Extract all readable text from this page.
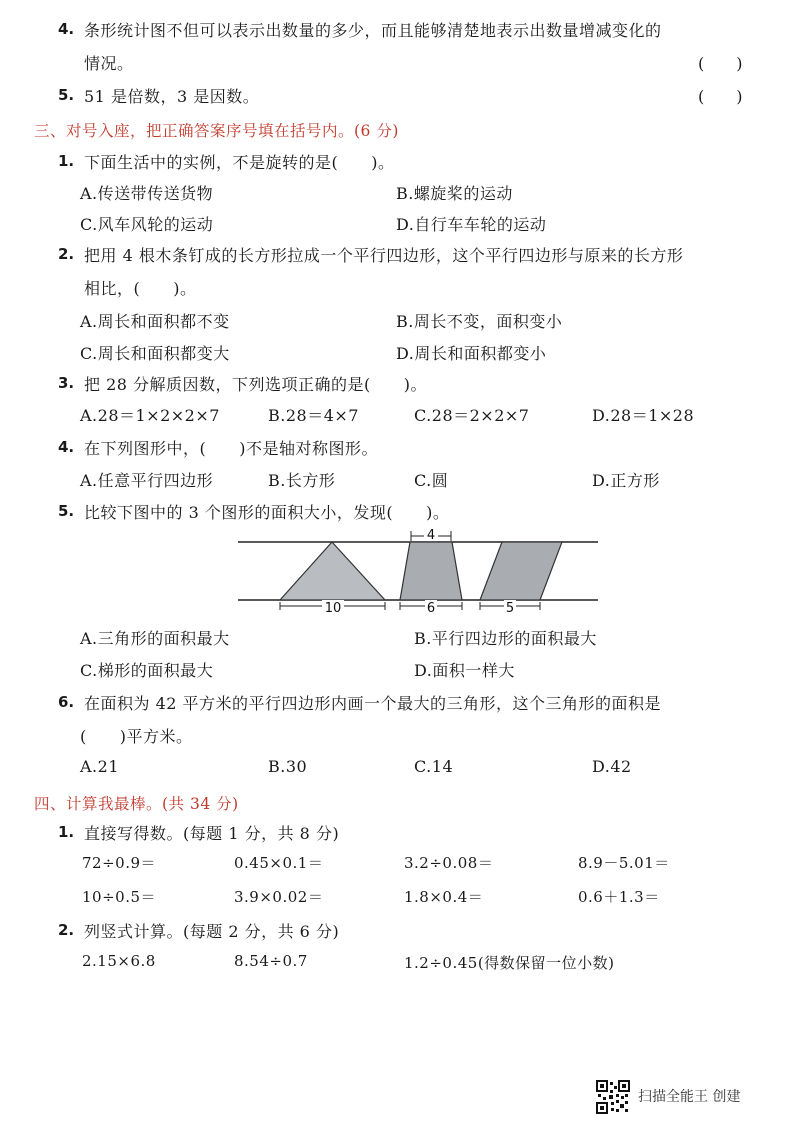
4. 条形统计图不但可以表示出数量的多少，而且能够清楚地表示出数量增减变化的
情况。	(　　)
5. 51 是倍数，3 是因数。	(　　)
三、对号入座，把正确答案序号填在括号内。(6 分)
1. 下面生活中的实例，不是旋转的是(　　)。
A.传送带传送货物	B.螺旋桨的运动
C.风车风轮的运动	D.自行车车轮的运动
2. 把用 4 根木条钉成的长方形拉成一个平行四边形，这个平行四边形与原来的长方形
相比，(　　)。
A.周长和面积都不变	B.周长不变，面积变小
C.周长和面积都变大	D.周长和面积都变小
3. 把 28 分解质因数，下列选项正确的是(　　)。
A.28＝1×2×2×7	B.28＝4×7	C.28＝2×2×7	D.28＝1×28
4. 在下列图形中，(　　)不是轴对称图形。
A.任意平行四边形	B.长方形	C.圆	D.正方形
5. 比较下图中的 3 个图形的面积大小，发现(　　)。
4
10	6	5
A.三角形的面积最大	B.平行四边形的面积最大
C.梯形的面积最大	D.面积一样大
6. 在面积为 42 平方米的平行四边形内画一个最大的三角形，这个三角形的面积是
(　　)平方米。
A.21	B.30	C.14	D.42
四、计算我最棒。(共 34 分)
1. 直接写得数。(每题 1 分，共 8 分)
72÷0.9＝	0.45×0.1＝	3.2÷0.08＝	8.9－5.01＝
10÷0.5＝	3.9×0.02＝	1.8×0.4＝	0.6＋1.3＝
2. 列竖式计算。(每题 2 分，共 6 分)
2.15×6.8	8.54÷0.7	1.2÷0.45(得数保留一位小数)
扫描全能王 创建
